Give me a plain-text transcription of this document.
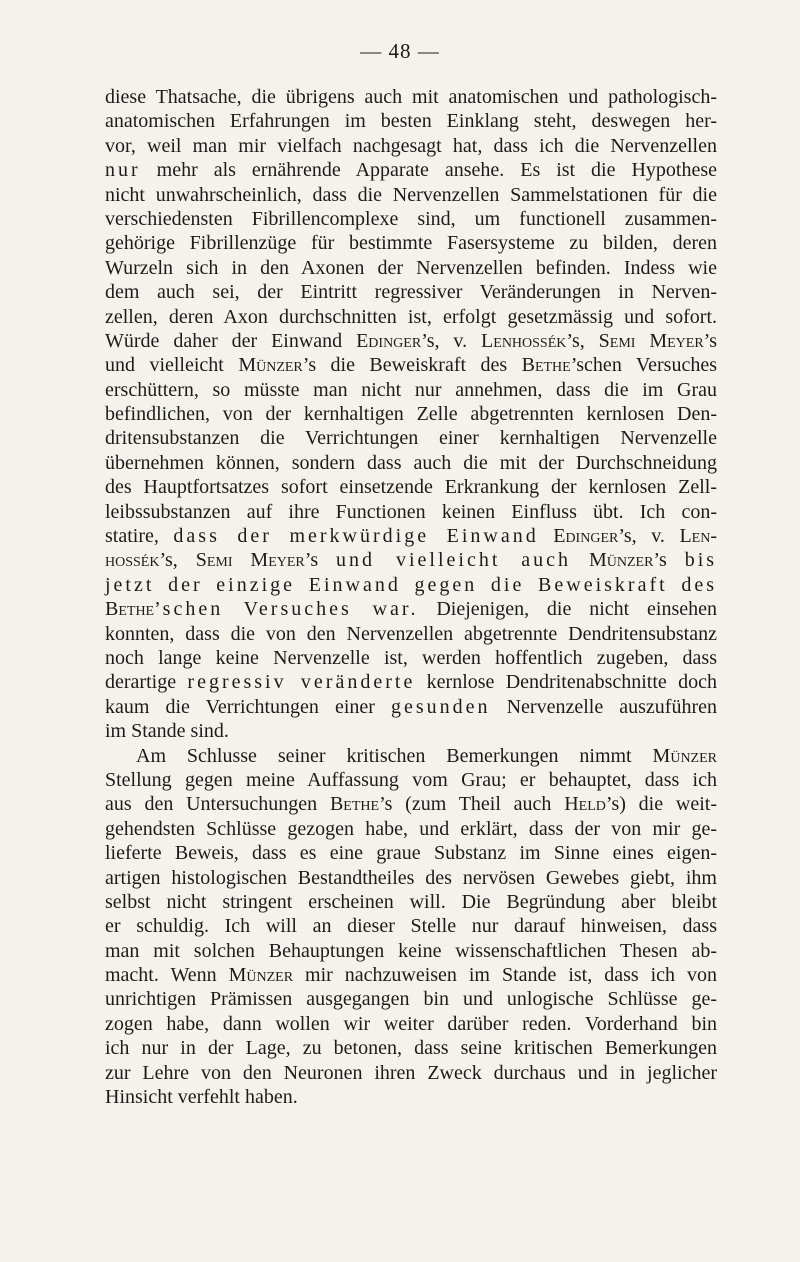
— 48 —
diese Thatsache, die übrigens auch mit anatomischen und pathologisch-
anatomischen Erfahrungen im besten Einklang steht, deswegen her-
vor, weil man mir vielfach nachgesagt hat, dass ich die Nervenzellen
nur mehr als ernährende Apparate ansehe. Es ist die Hypothese
nicht unwahrscheinlich, dass die Nervenzellen Sammelstationen für die
verschiedensten Fibrillencomplexe sind, um functionell zusammen-
gehörige Fibrillenzüge für bestimmte Fasersysteme zu bilden, deren
Wurzeln sich in den Axonen der Nervenzellen befinden. Indess wie
dem auch sei, der Eintritt regressiver Veränderungen in Nerven-
zellen, deren Axon durchschnitten ist, erfolgt gesetzmässig und sofort.
Würde daher der Einwand Edinger’s, v. Lenhossék’s, Semi Meyer’s
und vielleicht Münzer’s die Beweiskraft des Bethe’schen Versuches
erschüttern, so müsste man nicht nur annehmen, dass die im Grau
befindlichen, von der kernhaltigen Zelle abgetrennten kernlosen Den-
dritensubstanzen die Verrichtungen einer kernhaltigen Nervenzelle
übernehmen können, sondern dass auch die mit der Durchschneidung
des Hauptfortsatzes sofort einsetzende Erkrankung der kernlosen Zell-
leibssubstanzen auf ihre Functionen keinen Einfluss übt. Ich con-
statire, dass der merkwürdige Einwand Edinger’s, v. Len-
hossék’s, Semi Meyer’s und vielleicht auch Münzer’s bis
jetzt der einzige Einwand gegen die Beweiskraft des
Bethe’schen Versuches war. Diejenigen, die nicht einsehen
konnten, dass die von den Nervenzellen abgetrennte Dendritensubstanz
noch lange keine Nervenzelle ist, werden hoffentlich zugeben, dass
derartige regressiv veränderte kernlose Dendritenabschnitte doch
kaum die Verrichtungen einer gesunden Nervenzelle auszuführen
im Stande sind.
Am Schlusse seiner kritischen Bemerkungen nimmt Münzer
Stellung gegen meine Auffassung vom Grau; er behauptet, dass ich
aus den Untersuchungen Bethe’s (zum Theil auch Held’s) die weit-
gehendsten Schlüsse gezogen habe, und erklärt, dass der von mir ge-
lieferte Beweis, dass es eine graue Substanz im Sinne eines eigen-
artigen histologischen Bestandtheiles des nervösen Gewebes giebt, ihm
selbst nicht stringent erscheinen will. Die Begründung aber bleibt
er schuldig. Ich will an dieser Stelle nur darauf hinweisen, dass
man mit solchen Behauptungen keine wissenschaftlichen Thesen ab-
macht. Wenn Münzer mir nachzuweisen im Stande ist, dass ich von
unrichtigen Prämissen ausgegangen bin und unlogische Schlüsse ge-
zogen habe, dann wollen wir weiter darüber reden. Vorderhand bin
ich nur in der Lage, zu betonen, dass seine kritischen Bemerkungen
zur Lehre von den Neuronen ihren Zweck durchaus und in jeglicher
Hinsicht verfehlt haben.
